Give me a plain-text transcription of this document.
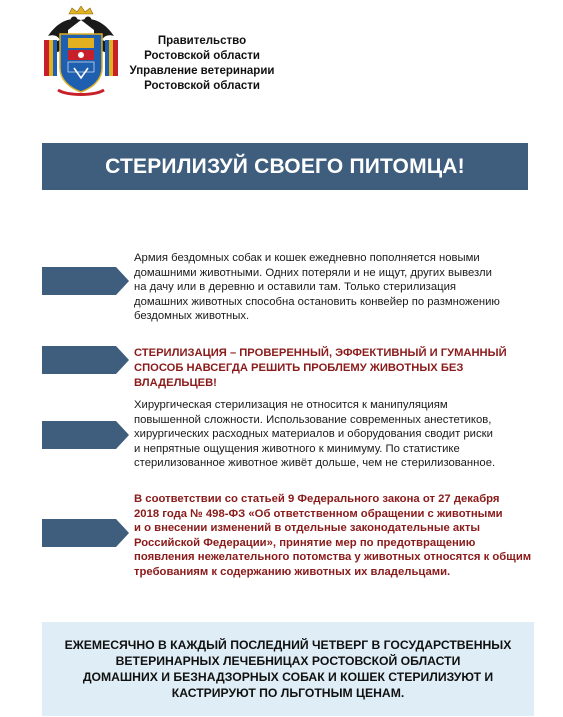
Правительство
Ростовской области
Управление ветеринарии
Ростовской области
СТЕРИЛИЗУЙ СВОЕГО ПИТОМЦА!
Армия бездомных собак и кошек ежедневно пополняется новыми
домашними животными. Одних потеряли и не ищут, других вывезли
на дачу или в деревню и оставили там. Только стерилизация
домашних животных способна остановить конвейер по размножению
бездомных животных.
СТЕРИЛИЗАЦИЯ – ПРОВЕРЕННЫЙ, ЭФФЕКТИВНЫЙ И ГУМАННЫЙ
СПОСОБ НАВСЕГДА РЕШИТЬ ПРОБЛЕМУ ЖИВОТНЫХ БЕЗ ВЛАДЕЛЬЦЕВ!
Хирургическая стерилизация не относится к манипуляциям
повышенной сложности. Использование современных анестетиков,
хирургических расходных материалов и оборудования сводит риски
и непрятные ощущения животного к минимуму. По статистике
стерилизованное животное живёт дольше, чем не стерилизованное.
В соответствии со статьей 9 Федерального закона от 27 декабря
2018 года № 498-ФЗ «Об ответственном обращении с животными
и о внесении изменений в отдельные законодательные акты
Российской Федерации», принятие мер по предотвращению
появления нежелательного потомства у животных относятся к общим
требованиям к содержанию животных их владельцами.
ЕЖЕМЕСЯЧНО В КАЖДЫЙ ПОСЛЕДНИЙ ЧЕТВЕРГ В ГОСУДАРСТВЕННЫХ
ВЕТЕРИНАРНЫХ ЛЕЧЕБНИЦАХ РОСТОВСКОЙ ОБЛАСТИ
ДОМАШНИХ И БЕЗНАДЗОРНЫХ СОБАК И КОШЕК СТЕРИЛИЗУЮТ И
КАСТРИРУЮТ ПО ЛЬГОТНЫМ ЦЕНАМ.
